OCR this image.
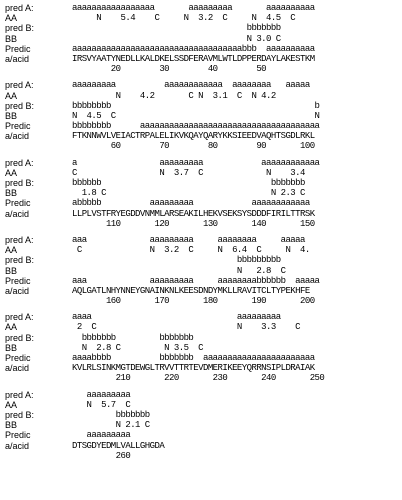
pred A:	aaaaaaaaaaaaaaaaa       aaaaaaaaa       aaaaaaaaaa
AA	N    5.4    C     N  3.2  C     N  4.5  C
pred B:	bbbbbbb
BB	N 3.0 C
Predic	aaaaaaaaaaaaaaaaaaaaaaaaaaaaaaaaaaabbb  aaaaaaaaaa
a/acid	IRSVYAATYNEDLLKALDKELSSDFERAVMLWTLDPPERDAYLAKESTKM
20        30        40        50
pred A:	aaaaaaaaa          aaaaaaaaaaaa  aaaaaaaa   aaaaa
AA	N    4.2       C N  3.1  C  N 4.2
pred B:	bbbbbbbb                                          b
BB	N  4.5  C                                         N
Predic	bbbbbbbb      aaaaaaaaaaaaaaaaaaaaaaaaaaaaaaaaaaaaa
a/acid	FTKNNWVLVEIACTRPALELIKVKQAYQARYKKSIEEDVAQHTSGDLRKL
60        70        80        90       100
pred A:	a                 aaaaaaaaa            aaaaaaaaaaaa
AA	C                 N  3.7  C             N    3.4
pred B:	bbbbbb                                   bbbbbbb
BB	1.8 C                                  N 2.3 C
Predic	abbbbb          aaaaaaaaa            aaaaaaaaaaaa
a/acid	LLPLVSTFRYEGDDVNMMLARSEAKILHEKVSEKSYSDDDFIRILTTRSK
110       120       130       140       150
pred A:	aaa             aaaaaaaaa     aaaaaaaa     aaaaa
AA	C              N  3.2  C     N  6.4  C     N  4.
pred B:	bbbbbbbbb
BB	N   2.8  C
Predic	aaa             aaaaaaaaa     aaaaaaaabbbbbb  aaaaa
a/acid	AQLGATLNHYNNEYGNAINKNLKEESDNDYMKLLRAVITCLTYPEKHFE
160       170       180       190       200
pred A:	aaaa                              aaaaaaaaa
AA	2  C                             N    3.3    C
pred B:	bbbbbbb         bbbbbbb
BB	N  2.8 C         N 3.5  C
Predic	aaaabbbb          bbbbbbb  aaaaaaaaaaaaaaaaaaaaaaa
a/acid	KVLRLSINKMGTDEWGLTRVVTTRTEVDMERIKEEYQRRNSIPLDRAIAK
210       220       230       240       250
pred A:	aaaaaaaaa
AA	N  5.7  C
pred B:	bbbbbbb
BB	N 2.1 C
Predic	aaaaaaaaa
a/acid	DTSGDYEDMLVALLGHGDA
260
